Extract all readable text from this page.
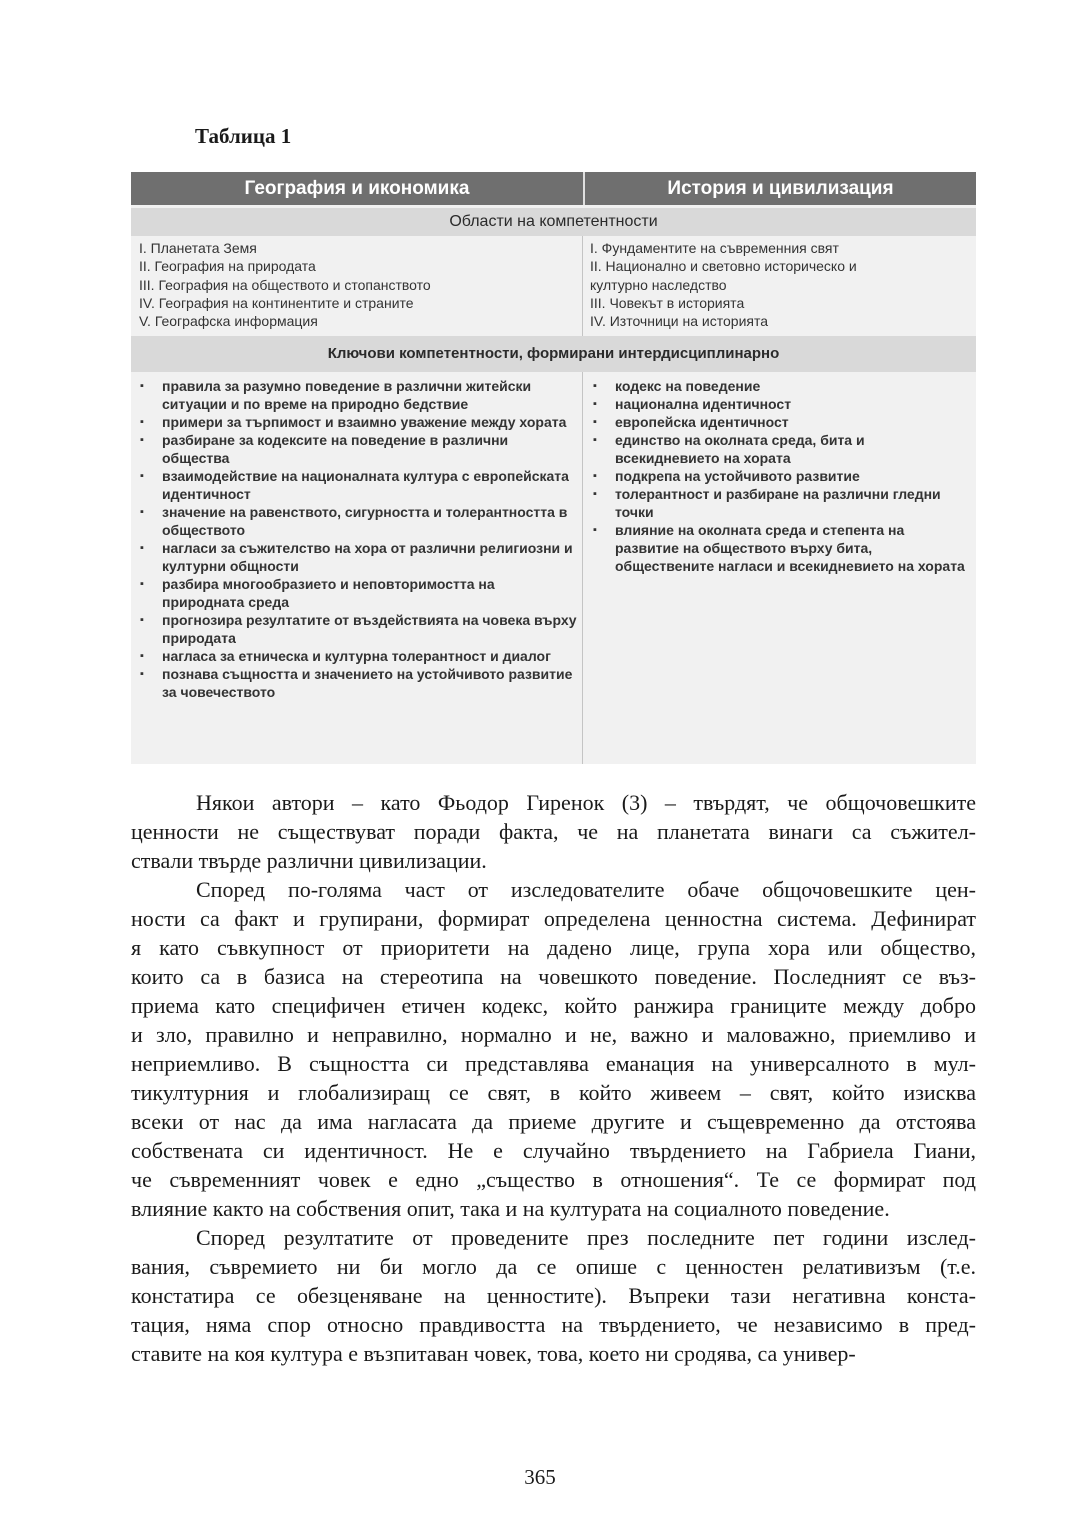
Таблица 1
География и икономика	История и цивилизация
Области на компетентности
I. Планетата Земя
II. География на природата
III. География на обществото и стопанството
IV. География на континентите и страните
V. Географска информация
I. Фундаментите на съвременния свят
II. Национално и световно историческо и
културно наследство
III. Човекът в историята
IV. Източници на историята
Ключови компетентности, формирани интердисциплинарно
▪ правила за разумно поведение в различни житейски ситуации и по време на природно бедствие
▪ примери за търпимост и взаимно уважение между хората
▪ разбиране за кодексите на поведение в различни общества
▪ взаимодействие на националната култура с европейската идентичност
▪ значение на равенството, сигурността и толерантността в обществото
▪ нагласи за съжителство на хора от различни религиозни и културни общности
▪ разбира многообразието и неповторимостта на природната среда
▪ прогнозира резултатите от въздействията на човека върху природата
▪ нагласа за етническа и културна толерантност и диалог
▪ познава същността и значението на устойчивото развитие за човечеството
▪ кодекс на поведение
▪ национална идентичност
▪ европейска идентичност
▪ единство на околната среда, бита и всекидневието на хората
▪ подкрепа на устойчивото развитие
▪ толерантност и разбиране на различни гледни точки
▪ влияние на околната среда и степента на развитие на обществото върху бита, обществените нагласи и всекидневието на хората
Някои автори – като Фьодор Гиренок (3) – твърдят, че общочовешките
ценности не съществуват поради факта, че на планетата винаги са съжител-
ствали твърде различни цивилизации.
Според по-голяма част от изследователите обаче общочовешките цен-
ности са факт и групирани, формират определена ценностна система. Дефинират
я като съвкупност от приоритети на дадено лице, група хора или общество,
които са в базиса на стереотипа на човешкото поведение. Последният се въз-
приема като специфичен етичен кодекс, който ранжира границите между добро
и зло, правилно и неправилно, нормално и не, важно и маловажно, приемливо и
неприемливо. В същността си представлява еманация на универсалното в мул-
тикултурния и глобализиращ се свят, в който живеем – свят, който изисква
всеки от нас да има нагласата да приеме другите и същевременно да отстоява
собствената си идентичност. Не е случайно твърдението на Габриела Гиани,
че съвременният човек е едно „същество в отношения“. Те се формират под
влияние както на собствения опит, така и на културата на социалното поведение.
Според резултатите от проведените през последните пет години изслед-
вания, съвремието ни би могло да се опише с ценностен релативизъм (т.е.
констатира се обезценяване на ценностите). Въпреки тази негативна конста-
тация, няма спор относно правдивостта на твърдението, че независимо в пред-
ставите на коя култура е възпитаван човек, това, което ни сродява, са универ-
365
